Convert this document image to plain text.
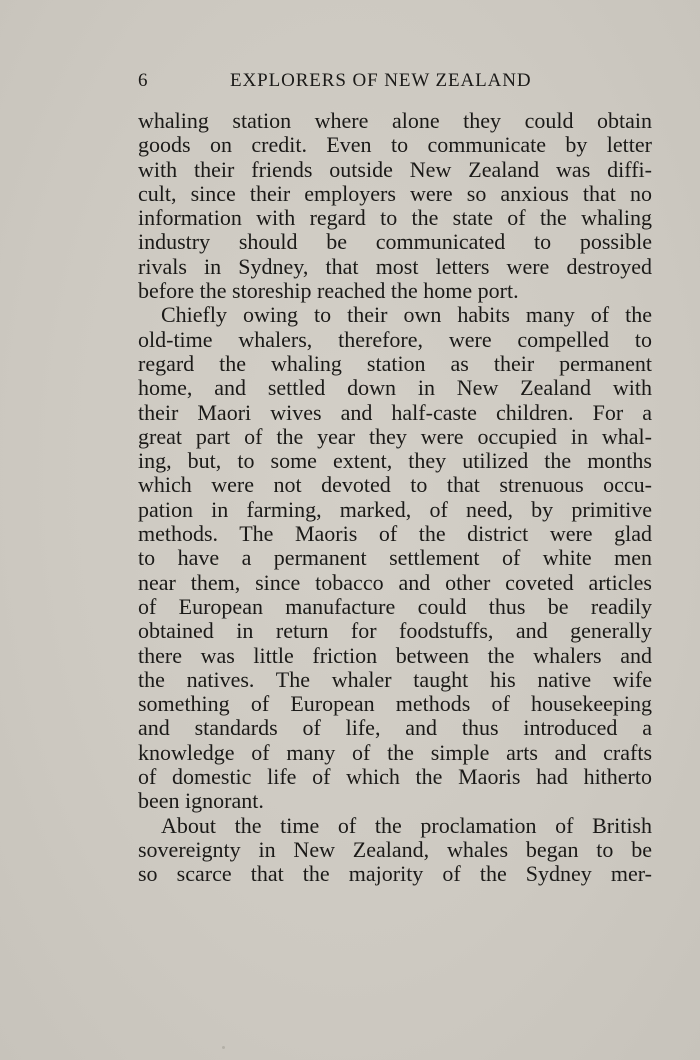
6	EXPLORERS OF NEW ZEALAND
whaling station where alone they could obtain
goods on credit. Even to communicate by letter
with their friends outside New Zealand was diffi-
cult, since their employers were so anxious that no
information with regard to the state of the whaling
industry should be communicated to possible
rivals in Sydney, that most letters were destroyed
before the storeship reached the home port.
Chiefly owing to their own habits many of the
old-time whalers, therefore, were compelled to
regard the whaling station as their permanent
home, and settled down in New Zealand with
their Maori wives and half-caste children. For a
great part of the year they were occupied in whal-
ing, but, to some extent, they utilized the months
which were not devoted to that strenuous occu-
pation in farming, marked, of need, by primitive
methods. The Maoris of the district were glad
to have a permanent settlement of white men
near them, since tobacco and other coveted articles
of European manufacture could thus be readily
obtained in return for foodstuffs, and generally
there was little friction between the whalers and
the natives. The whaler taught his native wife
something of European methods of housekeeping
and standards of life, and thus introduced a
knowledge of many of the simple arts and crafts
of domestic life of which the Maoris had hitherto
been ignorant.
About the time of the proclamation of British
sovereignty in New Zealand, whales began to be
so scarce that the majority of the Sydney mer-
